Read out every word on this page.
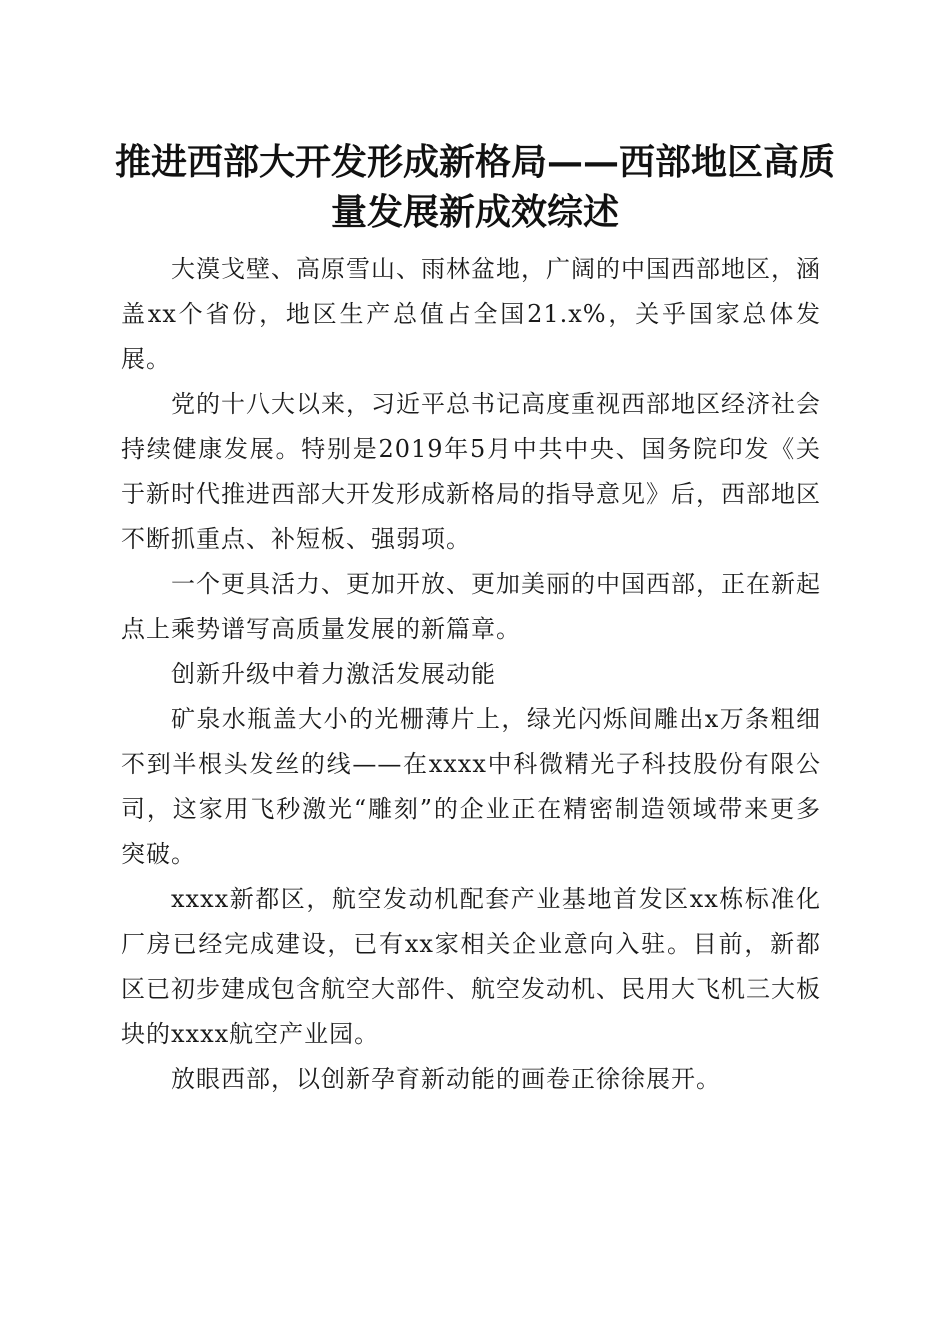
推进西部大开发形成新格局——西部地区高质量发展新成效综述

大漠戈壁、高原雪山、雨林盆地，广阔的中国西部地区，涵盖xx个省份，地区生产总值占全国21.x%，关乎国家总体发展。

党的十八大以来，习近平总书记高度重视西部地区经济社会持续健康发展。特别是2019年5月中共中央、国务院印发《关于新时代推进西部大开发形成新格局的指导意见》后，西部地区不断抓重点、补短板、强弱项。

一个更具活力、更加开放、更加美丽的中国西部，正在新起点上乘势谱写高质量发展的新篇章。

创新升级中着力激活发展动能

矿泉水瓶盖大小的光栅薄片上，绿光闪烁间雕出x万条粗细不到半根头发丝的线——在xxxx中科微精光子科技股份有限公司，这家用飞秒激光“雕刻”的企业正在精密制造领域带来更多突破。

xxxx新都区，航空发动机配套产业基地首发区xx栋标准化厂房已经完成建设，已有xx家相关企业意向入驻。目前，新都区已初步建成包含航空大部件、航空发动机、民用大飞机三大板块的xxxx航空产业园。

放眼西部，以创新孕育新动能的画卷正徐徐展开。
